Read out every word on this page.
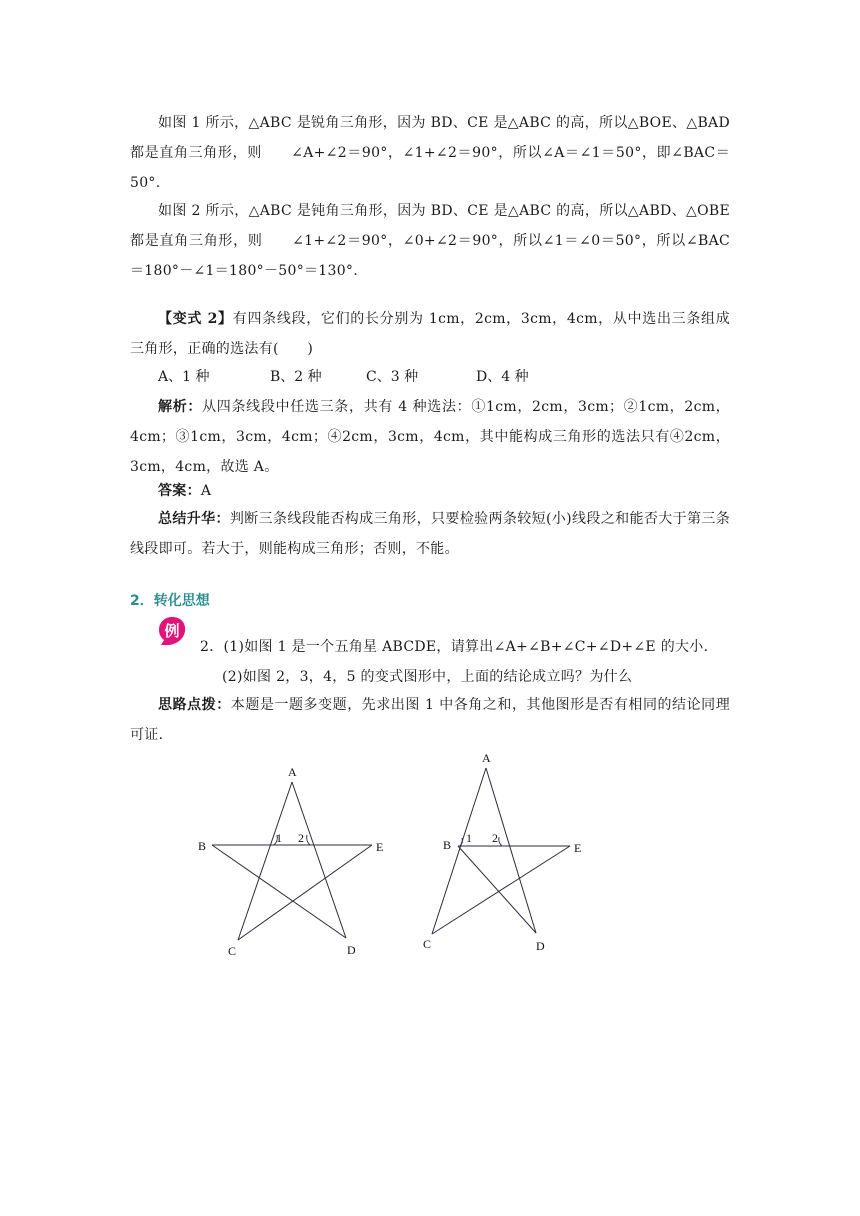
如图 1 所示，△ABC 是锐角三角形，因为 BD、CE 是△ABC 的高，所以△BOE、△BAD 都是直角三角形，则　　∠A+∠2＝90°，∠1+∠2＝90°，所以∠A＝∠1＝50°，即∠BAC＝50°.

如图 2 所示，△ABC 是钝角三角形，因为 BD、CE 是△ABC 的高，所以△ABD、△OBE 都是直角三角形，则　　∠1+∠2＝90°，∠0+∠2＝90°，所以∠1＝∠0＝50°，所以∠BAC＝180°－∠1＝180°－50°＝130°.

【变式 2】有四条线段，它们的长分别为 1cm，2cm，3cm，4cm，从中选出三条组成三角形，正确的选法有(　　)

A、1 种	B、2 种	C、3 种	D、4 种

解析：从四条线段中任选三条，共有 4 种选法：①1cm，2cm，3cm；②1cm，2cm，4cm；③1cm，3cm，4cm；④2cm，3cm，4cm，其中能构成三角形的选法只有④2cm，3cm，4cm，故选 A。

答案：A

总结升华：判断三条线段能否构成三角形，只要检验两条较短(小)线段之和能否大于第三条线段即可。若大于，则能构成三角形；否则，不能。

2．转化思想
例

2．(1)如图 1 是一个五角星 ABCDE，请算出∠A+∠B+∠C+∠D+∠E 的大小.

(2)如图 2，3，4，5 的变式图形中，上面的结论成立吗？为什么

思路点拨：本题是一题多变题，先求出图 1 中各角之和，其他图形是否有相同的结论同理可证.

A
B
C	D
E
1 2
A
B
C	D
E
1 2
